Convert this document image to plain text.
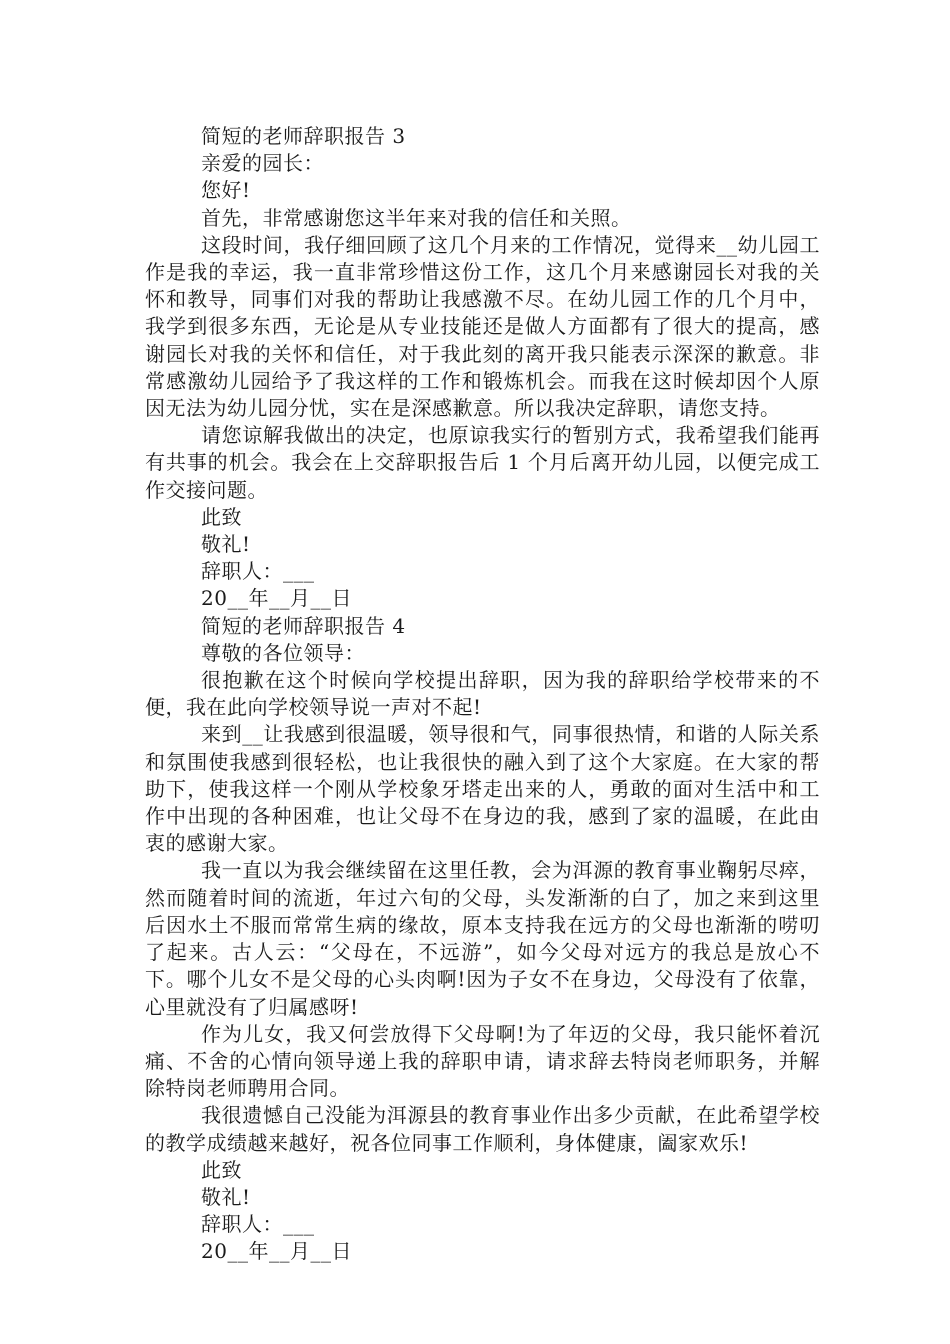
简短的老师辞职报告 3

亲爱的园长：

您好!

首先，非常感谢您这半年来对我的信任和关照。

这段时间，我仔细回顾了这几个月来的工作情况，觉得来__幼儿园工作是我的幸运，我一直非常珍惜这份工作，这几个月来感谢园长对我的关怀和教导，同事们对我的帮助让我感激不尽。在幼儿园工作的几个月中，我学到很多东西，无论是从专业技能还是做人方面都有了很大的提高，感谢园长对我的关怀和信任，对于我此刻的离开我只能表示深深的歉意。非常感激幼儿园给予了我这样的工作和锻炼机会。而我在这时候却因个人原因无法为幼儿园分忧，实在是深感歉意。所以我决定辞职，请您支持。

请您谅解我做出的决定，也原谅我实行的暂别方式，我希望我们能再有共事的机会。我会在上交辞职报告后 1 个月后离开幼儿园，以便完成工作交接问题。

此致

敬礼!

辞职人：___

20__年__月__日

简短的老师辞职报告 4

尊敬的各位领导：

很抱歉在这个时候向学校提出辞职，因为我的辞职给学校带来的不便，我在此向学校领导说一声对不起!

来到__让我感到很温暖，领导很和气，同事很热情，和谐的人际关系和氛围使我感到很轻松，也让我很快的融入到了这个大家庭。在大家的帮助下，使我这样一个刚从学校象牙塔走出来的人，勇敢的面对生活中和工作中出现的各种困难，也让父母不在身边的我，感到了家的温暖，在此由衷的感谢大家。

我一直以为我会继续留在这里任教，会为洱源的教育事业鞠躬尽瘁，然而随着时间的流逝，年过六旬的父母，头发渐渐的白了，加之来到这里后因水土不服而常常生病的缘故，原本支持我在远方的父母也渐渐的唠叨了起来。古人云：“父母在，不远游”，如今父母对远方的我总是放心不下。哪个儿女不是父母的心头肉啊!因为子女不在身边，父母没有了依靠，心里就没有了归属感呀!

作为儿女，我又何尝放得下父母啊!为了年迈的父母，我只能怀着沉痛、不舍的心情向领导递上我的辞职申请，请求辞去特岗老师职务，并解除特岗老师聘用合同。

我很遗憾自己没能为洱源县的教育事业作出多少贡献，在此希望学校的教学成绩越来越好，祝各位同事工作顺利，身体健康，阖家欢乐!

此致

敬礼!

辞职人：___

20__年__月__日
